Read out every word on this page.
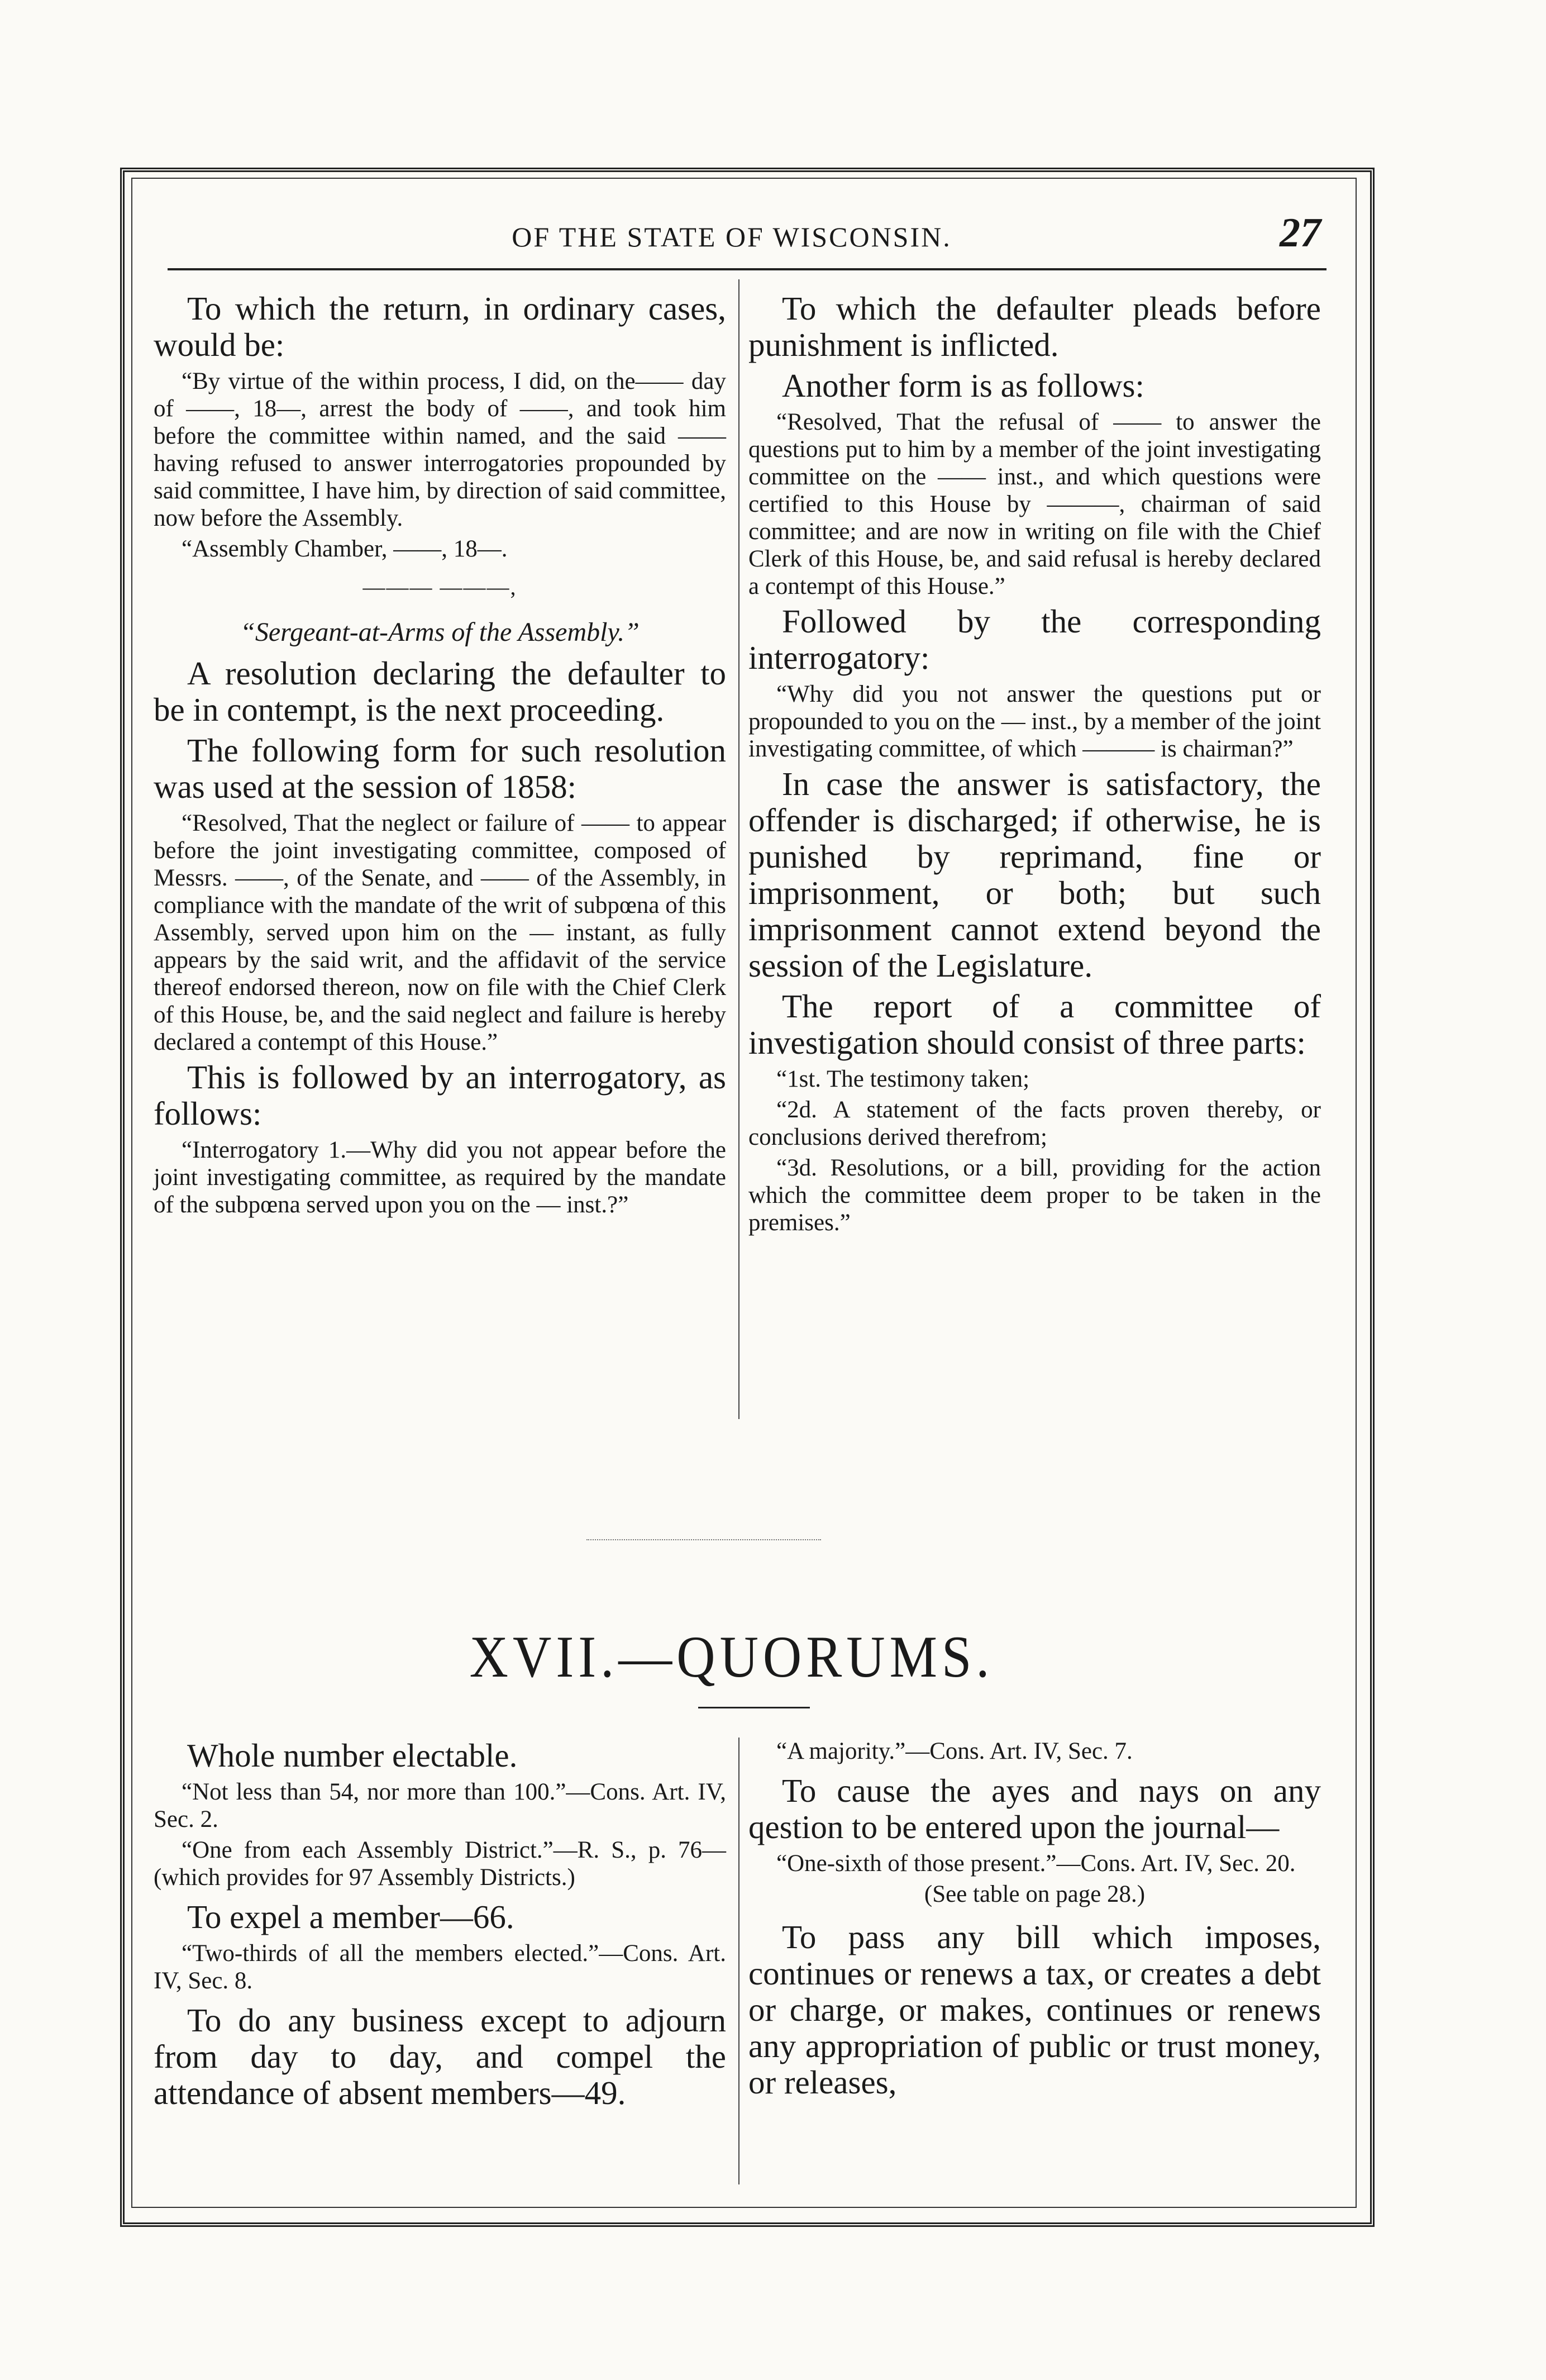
OF THE STATE OF WISCONSIN.	27

To which the return, in ordinary cases, would be:

“By virtue of the within process, I did, on the—— day of ——, 18—, arrest the body of ——, and took him before the committee within named, and the said —— having refused to answer interrogatories propounded by said committee, I have him, by direction of said committee, now before the Assembly.

“Assembly Chamber, ——, 18—.

——— ———,
“Sergeant-at-Arms of the Assembly.”

A resolution declaring the defaulter to be in contempt, is the next proceeding.

The following form for such resolution was used at the session of 1858:

“Resolved, That the neglect or failure of —— to appear before the joint investigating committee, composed of Messrs. ——, of the Senate, and —— of the Assembly, in compliance with the mandate of the writ of subpœna of this Assembly, served upon him on the — instant, as fully appears by the said writ, and the affidavit of the service thereof endorsed thereon, now on file with the Chief Clerk of this House, be, and the said neglect and failure is hereby declared a contempt of this House.”

This is followed by an interrogatory, as follows:

“Interrogatory 1.—Why did you not appear before the joint investigating committee, as required by the mandate of the subpœna served upon you on the — inst.?”

To which the defaulter pleads before punishment is inflicted.

Another form is as follows:

“Resolved, That the refusal of —— to answer the questions put to him by a member of the joint investigating committee on the —— inst., and which questions were certified to this House by ———, chairman of said committee; and are now in writing on file with the Chief Clerk of this House, be, and said refusal is hereby declared a contempt of this House.”

Followed by the corresponding interrogatory:

“Why did you not answer the questions put or propounded to you on the — inst., by a member of the joint investigating committee, of which ——— is chairman?”

In case the answer is satisfactory, the offender is discharged; if otherwise, he is punished by reprimand, fine or imprisonment, or both; but such imprisonment cannot extend beyond the session of the Legislature.

The report of a committee of investigation should consist of three parts:

“1st. The testimony taken;

“2d. A statement of the facts proven thereby, or conclusions derived therefrom;

“3d. Resolutions, or a bill, providing for the action which the committee deem proper to be taken in the premises.”

XVII.—QUORUMS.

Whole number electable.

“Not less than 54, nor more than 100.”—Cons. Art. IV, Sec. 2.

“One from each Assembly District.”—R. S., p. 76—(which provides for 97 Assembly Districts.)

To expel a member—66.

“Two-thirds of all the members elected.”—Cons. Art. IV, Sec. 8.

To do any business except to adjourn from day to day, and compel the attendance of absent members—49.

“A majority.”—Cons. Art. IV, Sec. 7.

To cause the ayes and nays on any qestion to be entered upon the journal—

“One-sixth of those present.”—Cons. Art. IV, Sec. 20.

(See table on page 28.)

To pass any bill which imposes, continues or renews a tax, or creates a debt or charge, or makes, continues or renews any appropriation of public or trust money, or releases,
